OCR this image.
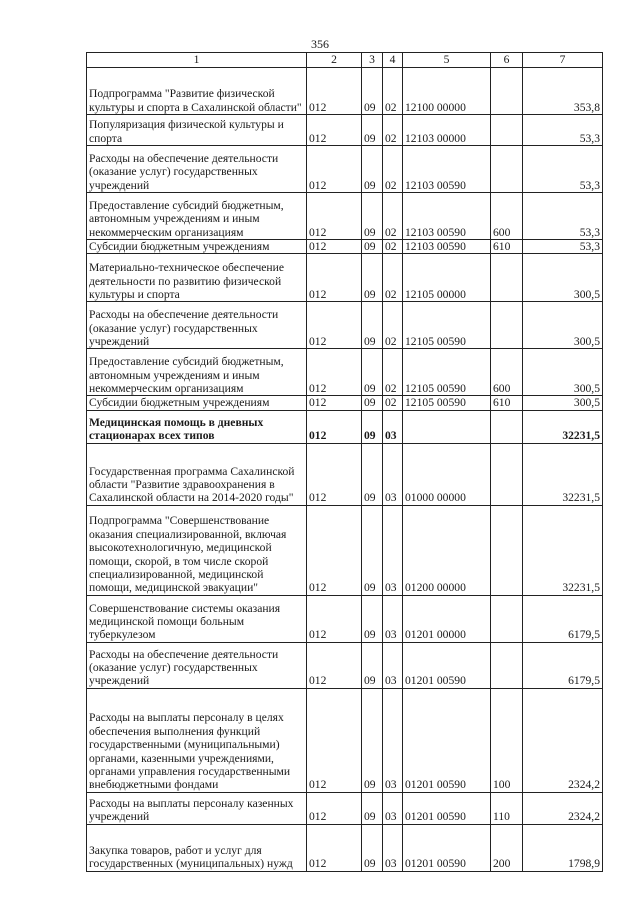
356
1	2	3	4	5	6	7
Подпрограмма "Развитие физической культуры и спорта в Сахалинской области"	012	09	02	12100 00000		353,8
Популяризация физической культуры и спорта	012	09	02	12103 00000		53,3
Расходы на обеспечение деятельности (оказание услуг) государственных учреждений	012	09	02	12103 00590		53,3
Предоставление субсидий бюджетным, автономным учреждениям и иным некоммерческим организациям	012	09	02	12103 00590	600	53,3
Субсидии бюджетным учреждениям	012	09	02	12103 00590	610	53,3
Материально-техническое обеспечение деятельности по развитию физической культуры и спорта	012	09	02	12105 00000		300,5
Расходы на обеспечение деятельности (оказание услуг) государственных учреждений	012	09	02	12105 00590		300,5
Предоставление субсидий бюджетным, автономным учреждениям и иным некоммерческим организациям	012	09	02	12105 00590	600	300,5
Субсидии бюджетным учреждениям	012	09	02	12105 00590	610	300,5
Медицинская помощь в дневных стационарах всех типов	012	09	03			32231,5
Государственная программа Сахалинской области "Развитие здравоохранения в Сахалинской области на 2014-2020 годы"	012	09	03	01000 00000		32231,5
Подпрограмма "Совершенствование оказания специализированной, включая высокотехнологичную, медицинской помощи, скорой, в том числе скорой специализированной, медицинской помощи, медицинской эвакуации"	012	09	03	01200 00000		32231,5
Совершенствование системы оказания медицинской помощи больным туберкулезом	012	09	03	01201 00000		6179,5
Расходы на обеспечение деятельности (оказание услуг) государственных учреждений	012	09	03	01201 00590		6179,5
Расходы на выплаты персоналу в целях обеспечения выполнения функций государственными (муниципальными) органами, казенными учреждениями, органами управления государственными внебюджетными фондами	012	09	03	01201 00590	100	2324,2
Расходы на выплаты персоналу казенных учреждений	012	09	03	01201 00590	110	2324,2
Закупка товаров, работ и услуг для государственных (муниципальных) нужд	012	09	03	01201 00590	200	1798,9
